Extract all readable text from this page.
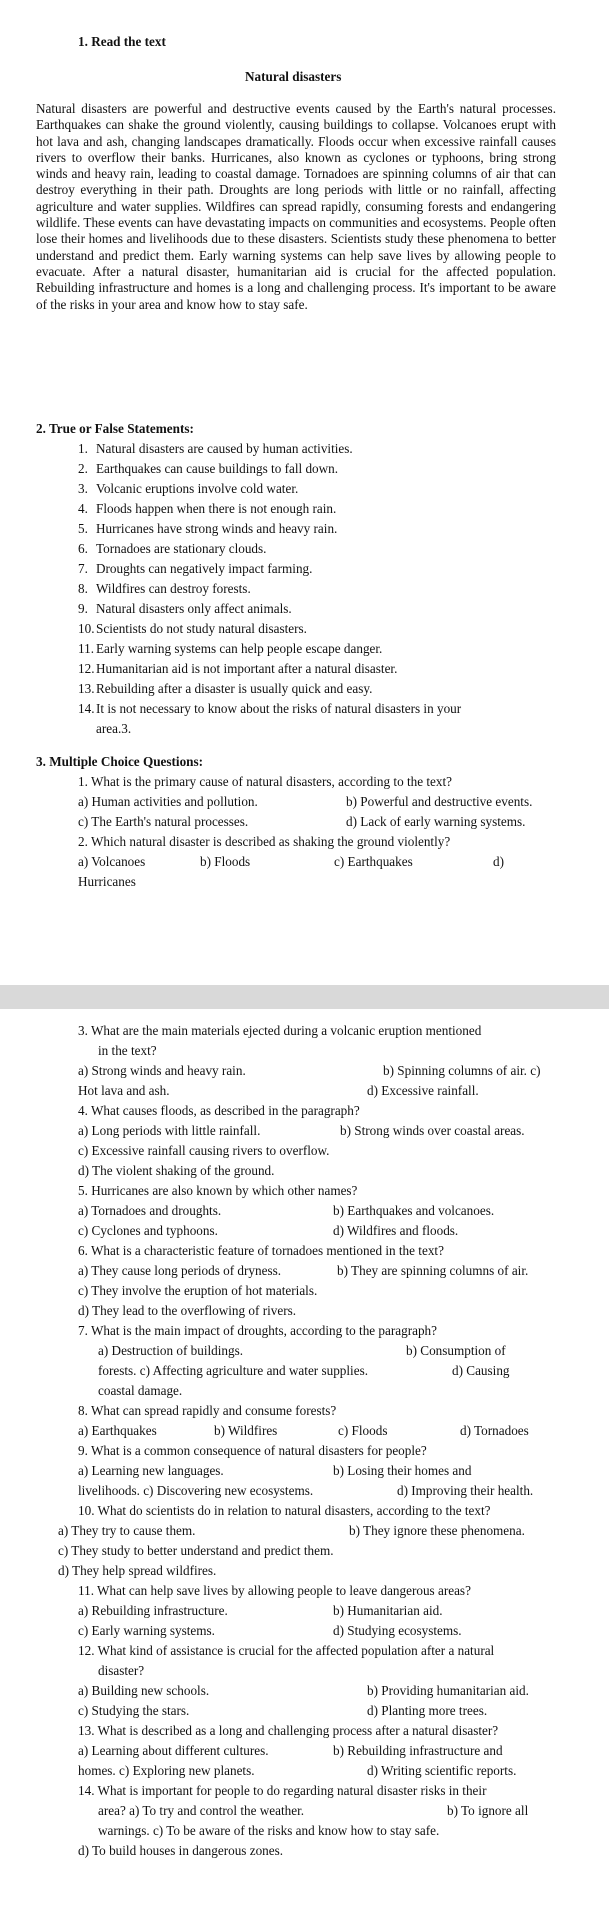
1. Read the text
Natural disasters
Natural disasters are powerful and destructive events caused by the Earth's natural processes. Earthquakes can shake the ground violently, causing buildings to collapse. Volcanoes erupt with hot lava and ash, changing landscapes dramatically. Floods occur when excessive rainfall causes rivers to overflow their banks. Hurricanes, also known as cyclones or typhoons, bring strong winds and heavy rain, leading to coastal damage. Tornadoes are spinning columns of air that can destroy everything in their path. Droughts are long periods with little or no rainfall, affecting agriculture and water supplies. Wildfires can spread rapidly, consuming forests and endangering wildlife. These events can have devastating impacts on communities and ecosystems. People often lose their homes and livelihoods due to these disasters. Scientists study these phenomena to better understand and predict them. Early warning systems can help save lives by allowing people to evacuate. After a natural disaster, humanitarian aid is crucial for the affected population. Rebuilding infrastructure and homes is a long and challenging process. It's important to be aware of the risks in your area and know how to stay safe.
2. True or False Statements:
1. Natural disasters are caused by human activities.
2. Earthquakes can cause buildings to fall down.
3. Volcanic eruptions involve cold water.
4. Floods happen when there is not enough rain.
5. Hurricanes have strong winds and heavy rain.
6. Tornadoes are stationary clouds.
7. Droughts can negatively impact farming.
8. Wildfires can destroy forests.
9. Natural disasters only affect animals.
10. Scientists do not study natural disasters.
11. Early warning systems can help people escape danger.
12. Humanitarian aid is not important after a natural disaster.
13. Rebuilding after a disaster is usually quick and easy.
14. It is not necessary to know about the risks of natural disasters in your
area.3.
3. Multiple Choice Questions:
1. What is the primary cause of natural disasters, according to the text?
a) Human activities and pollution.	b) Powerful and destructive events.
c) The Earth's natural processes.	d) Lack of early warning systems.
2. Which natural disaster is described as shaking the ground violently?
a) Volcanoes	b) Floods	c) Earthquakes	d)
Hurricanes
3. What are the main materials ejected during a volcanic eruption mentioned
in the text?
a) Strong winds and heavy rain.	b) Spinning columns of air. c)
Hot lava and ash.	d) Excessive rainfall.
4. What causes floods, as described in the paragraph?
a) Long periods with little rainfall.	b) Strong winds over coastal areas.
c) Excessive rainfall causing rivers to overflow.
d) The violent shaking of the ground.
5. Hurricanes are also known by which other names?
a) Tornadoes and droughts.	b) Earthquakes and volcanoes.
c) Cyclones and typhoons.	d) Wildfires and floods.
6. What is a characteristic feature of tornadoes mentioned in the text?
a) They cause long periods of dryness.	b) They are spinning columns of air.
c) They involve the eruption of hot materials.
d) They lead to the overflowing of rivers.
7. What is the main impact of droughts, according to the paragraph?
a) Destruction of buildings.	b) Consumption of
forests. c) Affecting agriculture and water supplies.	d) Causing
coastal damage.
8. What can spread rapidly and consume forests?
a) Earthquakes	b) Wildfires	c) Floods	d) Tornadoes
9. What is a common consequence of natural disasters for people?
a) Learning new languages.	b) Losing their homes and
livelihoods. c) Discovering new ecosystems.	d) Improving their health.
10. What do scientists do in relation to natural disasters, according to the text?
a) They try to cause them.	b) They ignore these phenomena.
c) They study to better understand and predict them.
d) They help spread wildfires.
11. What can help save lives by allowing people to leave dangerous areas?
a) Rebuilding infrastructure.	b) Humanitarian aid.
c) Early warning systems.	d) Studying ecosystems.
12. What kind of assistance is crucial for the affected population after a natural
disaster?
a) Building new schools.	b) Providing humanitarian aid.
c) Studying the stars.	d) Planting more trees.
13. What is described as a long and challenging process after a natural disaster?
a) Learning about different cultures.	b) Rebuilding infrastructure and
homes. c) Exploring new planets.	d) Writing scientific reports.
14. What is important for people to do regarding natural disaster risks in their
area? a) To try and control the weather.	b) To ignore all
warnings. c) To be aware of the risks and know how to stay safe.
d) To build houses in dangerous zones.
